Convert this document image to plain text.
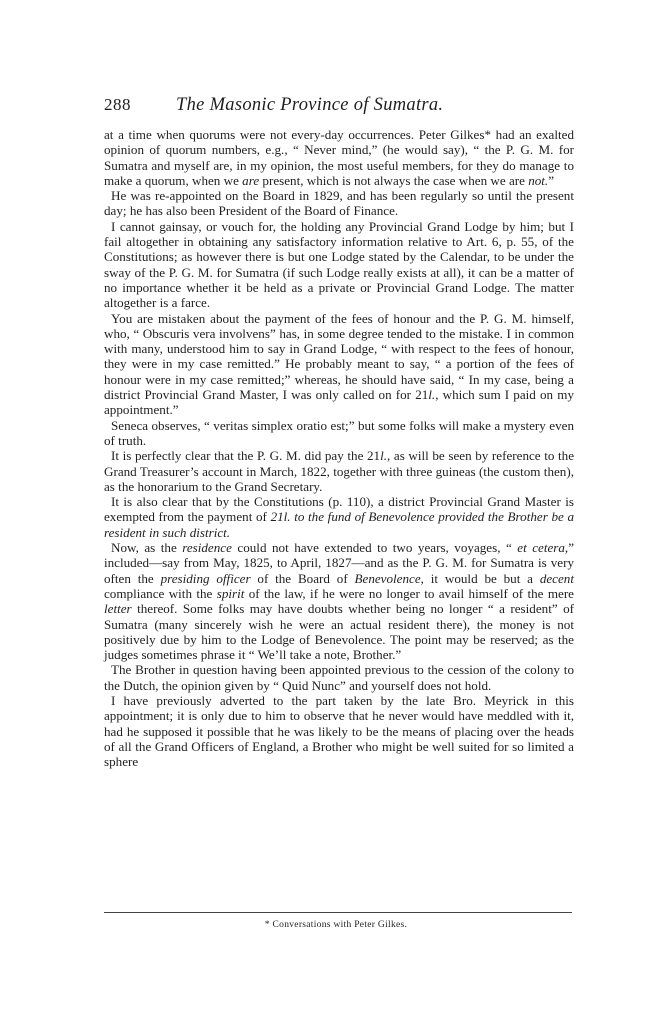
288 The Masonic Province of Sumatra.

at a time when quorums were not every-day occurrences. Peter Gilkes* had an exalted opinion of quorum numbers, e.g., “ Never mind,” (he would say), “ the P. G. M. for Sumatra and myself are, in my opinion, the most useful members, for they do manage to make a quorum, when we are present, which is not always the case when we are not.”

He was re-appointed on the Board in 1829, and has been regularly so until the present day; he has also been President of the Board of Finance.

I cannot gainsay, or vouch for, the holding any Provincial Grand Lodge by him; but I fail altogether in obtaining any satisfactory information relative to Art. 6, p. 55, of the Constitutions; as however there is but one Lodge stated by the Calendar, to be under the sway of the P. G. M. for Sumatra (if such Lodge really exists at all), it can be a matter of no importance whether it be held as a private or Provincial Grand Lodge. The matter altogether is a farce.

You are mistaken about the payment of the fees of honour and the P. G. M. himself, who, “ Obscuris vera involvens” has, in some degree tended to the mistake. I in common with many, understood him to say in Grand Lodge, “ with respect to the fees of honour, they were in my case remitted.” He probably meant to say, “ a portion of the fees of honour were in my case remitted;” whereas, he should have said, “ In my case, being a district Provincial Grand Master, I was only called on for 21l., which sum I paid on my appointment.”

Seneca observes, “ veritas simplex oratio est;” but some folks will make a mystery even of truth.

It is perfectly clear that the P. G. M. did pay the 21l., as will be seen by reference to the Grand Treasurer’s account in March, 1822, together with three guineas (the custom then), as the honorarium to the Grand Secretary.

It is also clear that by the Constitutions (p. 110), a district Provincial Grand Master is exempted from the payment of 21l. to the fund of Benevolence provided the Brother be a resident in such district.

Now, as the residence could not have extended to two years, voyages, “ et cetera,” included—say from May, 1825, to April, 1827—and as the P. G. M. for Sumatra is very often the presiding officer of the Board of Benevolence, it would be but a decent compliance with the spirit of the law, if he were no longer to avail himself of the mere letter thereof. Some folks may have doubts whether being no longer “ a resident” of Sumatra (many sincerely wish he were an actual resident there), the money is not positively due by him to the Lodge of Benevolence. The point may be reserved; as the judges sometimes phrase it “ We’ll take a note, Brother.”

The Brother in question having been appointed previous to the cession of the colony to the Dutch, the opinion given by “ Quid Nunc” and yourself does not hold.

I have previously adverted to the part taken by the late Bro. Meyrick in this appointment; it is only due to him to observe that he never would have meddled with it, had he supposed it possible that he was likely to be the means of placing over the heads of all the Grand Officers of England, a Brother who might be well suited for so limited a sphere

* Conversations with Peter Gilkes.
